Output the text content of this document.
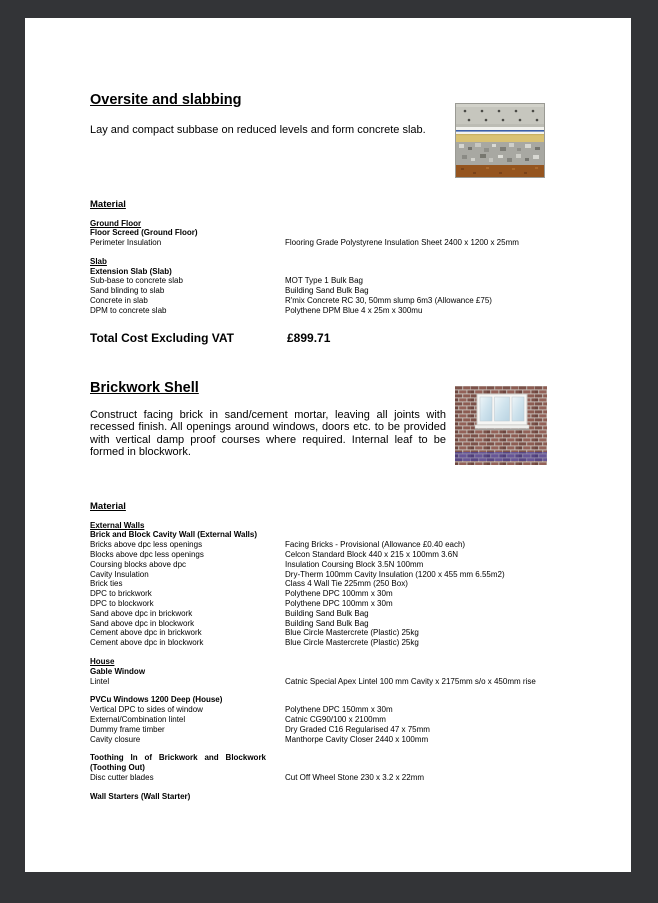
Oversite and slabbing

Lay and compact subbase on reduced levels and form concrete slab.

Material
Ground Floor
Floor Screed (Ground Floor)
Perimeter Insulation	Flooring Grade Polystyrene Insulation Sheet 2400 x 1200 x 25mm
Slab
Extension Slab (Slab)
Sub-base to concrete slab	MOT Type 1 Bulk Bag
Sand blinding to slab	Building Sand Bulk Bag
Concrete in slab	R'mix Concrete RC 30, 50mm slump 6m3 (Allowance £75)
DPM to concrete slab	Polythene DPM Blue 4 x 25m x 300mu
Total Cost Excluding VAT	£899.71
Brickwork Shell

Construct facing brick in sand/cement mortar, leaving all joints with recessed finish. All openings around windows, doors etc. to be provided with vertical damp proof courses where required. Internal leaf to be formed in blockwork.

Material
External Walls
Brick and Block Cavity Wall (External Walls)
Bricks above dpc less openings	Facing Bricks - Provisional (Allowance £0.40 each)
Blocks above dpc less openings	Celcon Standard Block 440 x 215 x 100mm 3.6N
Coursing blocks above dpc	Insulation Coursing Block 3.5N 100mm
Cavity Insulation	Dry-Therm 100mm Cavity Insulation (1200 x 455 mm 6.55m2)
Brick ties	Class 4 Wall Tie 225mm (250 Box)
DPC to brickwork	Polythene DPC 100mm x 30m
DPC to blockwork	Polythene DPC 100mm x 30m
Sand above dpc in brickwork	Building Sand Bulk Bag
Sand above dpc in blockwork	Building Sand Bulk Bag
Cement above dpc in brickwork	Blue Circle Mastercrete (Plastic) 25kg
Cement above dpc in blockwork	Blue Circle Mastercrete (Plastic) 25kg
House
Gable Window
Lintel	Catnic Special Apex Lintel 100 mm Cavity x 2175mm s/o x 450mm rise
PVCu Windows 1200 Deep (House)
Vertical DPC to sides of window	Polythene DPC 150mm x 30m
External/Combination lintel	Catnic CG90/100 x 2100mm
Dummy frame timber	Dry Graded C16 Regularised 47 x 75mm
Cavity closure	Manthorpe Cavity Closer 2440 x 100mm
Toothing In of Brickwork and Blockwork
(Toothing Out)
Disc cutter blades	Cut Off Wheel Stone 230 x 3.2 x 22mm
Wall Starters (Wall Starter)
